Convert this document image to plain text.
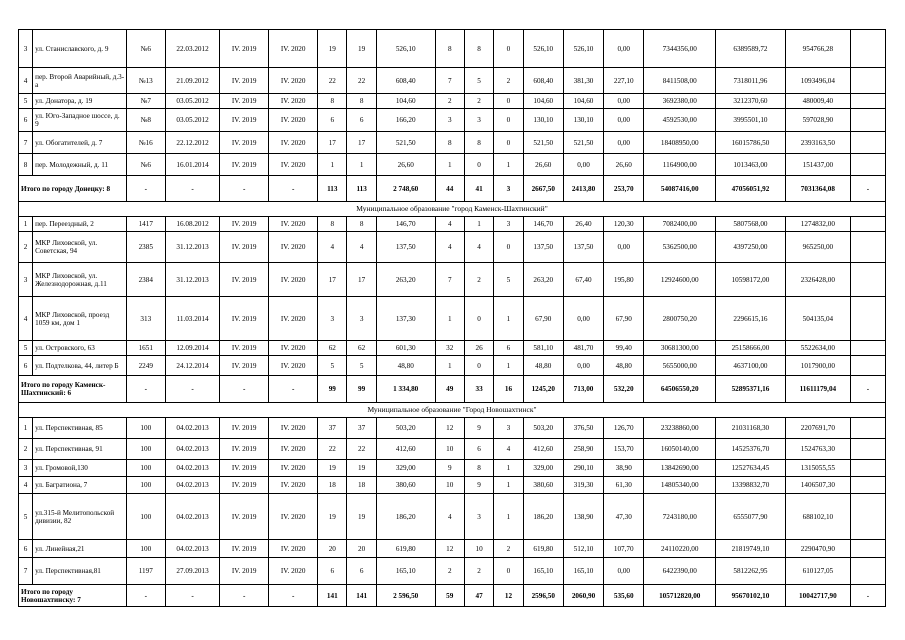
3	ул. Станиславского, д. 9	№6	22.03.2012	IV. 2019	IV. 2020	19	19	526,10	8	8	0	526,10	526,10	0,00	7344356,00	6389589,72	954766,28	
4	пер. Второй Аварийный, д.3-а	№13	21.09.2012	IV. 2019	IV. 2020	22	22	608,40	7	5	2	608,40	381,30	227,10	8411508,00	7318011,96	1093496,04	
5	ул. Донатора, д. 19	№7	03.05.2012	IV. 2019	IV. 2020	8	8	104,60	2	2	0	104,60	104,60	0,00	3692380,00	3212370,60	480009,40	
6	ул. Юго-Западное шоссе, д. 9	№8	03.05.2012	IV. 2019	IV. 2020	6	6	166,20	3	3	0	130,10	130,10	0,00	4592530,00	3995501,10	597028,90	
7	ул. Обогатителей, д. 7	№16	22.12.2012	IV. 2019	IV. 2020	17	17	521,50	8	8	0	521,50	521,50	0,00	18408950,00	16015786,50	2393163,50	
8	пер. Молодежный, д. 11	№6	16.01.2014	IV. 2019	IV. 2020	1	1	26,60	1	0	1	26,60	0,00	26,60	1164900,00	1013463,00	151437,00	
Итого по городу Донецку: 8		-	-	-	-	113	113	2 748,60	44	41	3	2667,50	2413,80	253,70	54087416,00	47056051,92	7031364,08	-
Муниципальное образование "город Каменск-Шахтинский"																		
1	пер. Переездный, 2	1417	16.08.2012	IV. 2019	IV. 2020	8	8	146,70	4	1	3	146,70	26,40	120,30	7082400,00	5807568,00	1274832,00	
2	МКР Лиховской, ул. Советская, 94	2385	31.12.2013	IV. 2019	IV. 2020	4	4	137,50	4	4	0	137,50	137,50	0,00	5362500,00	4397250,00	965250,00	
3	МКР Лиховской, ул. Железнодорожная, д.11	2384	31.12.2013	IV. 2019	IV. 2020	17	17	263,20	7	2	5	263,20	67,40	195,80	12924600,00	10598172,00	2326428,00	
4	МКР Лиховской, проезд 1059 км, дом 1	313	11.03.2014	IV. 2019	IV. 2020	3	3	137,30	1	0	1	67,90	0,00	67,90	2800750,20	2296615,16	504135,04	
5	ул. Островского, 63	1651	12.09.2014	IV. 2019	IV. 2020	62	62	601,30	32	26	6	581,10	481,70	99,40	30681300,00	25158666,00	5522634,00	
6	ул. Подтелкова, 44, литер Б	2249	24.12.2014	IV. 2019	IV. 2020	5	5	48,80	1	0	1	48,80	0,00	48,80	5655000,00	4637100,00	1017900,00	
Итого по городу Каменск-Шахтинский: 6		-	-	-	-	99	99	1 334,80	49	33	16	1245,20	713,00	532,20	64506550,20	52895371,16	11611179,04	-
Муниципальное образование "Город Новошахтинск"																		
1	ул. Перспективная, 85	100	04.02.2013	IV. 2019	IV. 2020	37	37	503,20	12	9	3	503,20	376,50	126,70	23238860,00	21031168,30	2207691,70	
2	ул. Перспективная, 91	100	04.02.2013	IV. 2019	IV. 2020	22	22	412,60	10	6	4	412,60	258,90	153,70	16050140,00	14525376,70	1524763,30	
3	ул. Громовой,130	100	04.02.2013	IV. 2019	IV. 2020	19	19	329,00	9	8	1	329,00	290,10	38,90	13842690,00	12527634,45	1315055,55	
4	ул. Багратиона, 7	100	04.02.2013	IV. 2019	IV. 2020	18	18	380,60	10	9	1	380,60	319,30	61,30	14805340,00	13398832,70	1406507,30	
5	ул.315-й Мелитопольской дивизии, 82	100	04.02.2013	IV. 2019	IV. 2020	19	19	186,20	4	3	1	186,20	138,90	47,30	7243180,00	6555077,90	688102,10	
6	ул. Линейная,21	100	04.02.2013	IV. 2019	IV. 2020	20	20	619,80	12	10	2	619,80	512,10	107,70	24110220,00	21819749,10	2290470,90	
7	ул. Перспективная,81	1197	27.09.2013	IV. 2019	IV. 2020	6	6	165,10	2	2	0	165,10	165,10	0,00	6422390,00	5812262,95	610127,05	
Итого по городу Новошахтинску: 7		-	-	-	-	141	141	2 596,50	59	47	12	2596,50	2060,90	535,60	105712820,00	95670102,10	10042717,90	-
